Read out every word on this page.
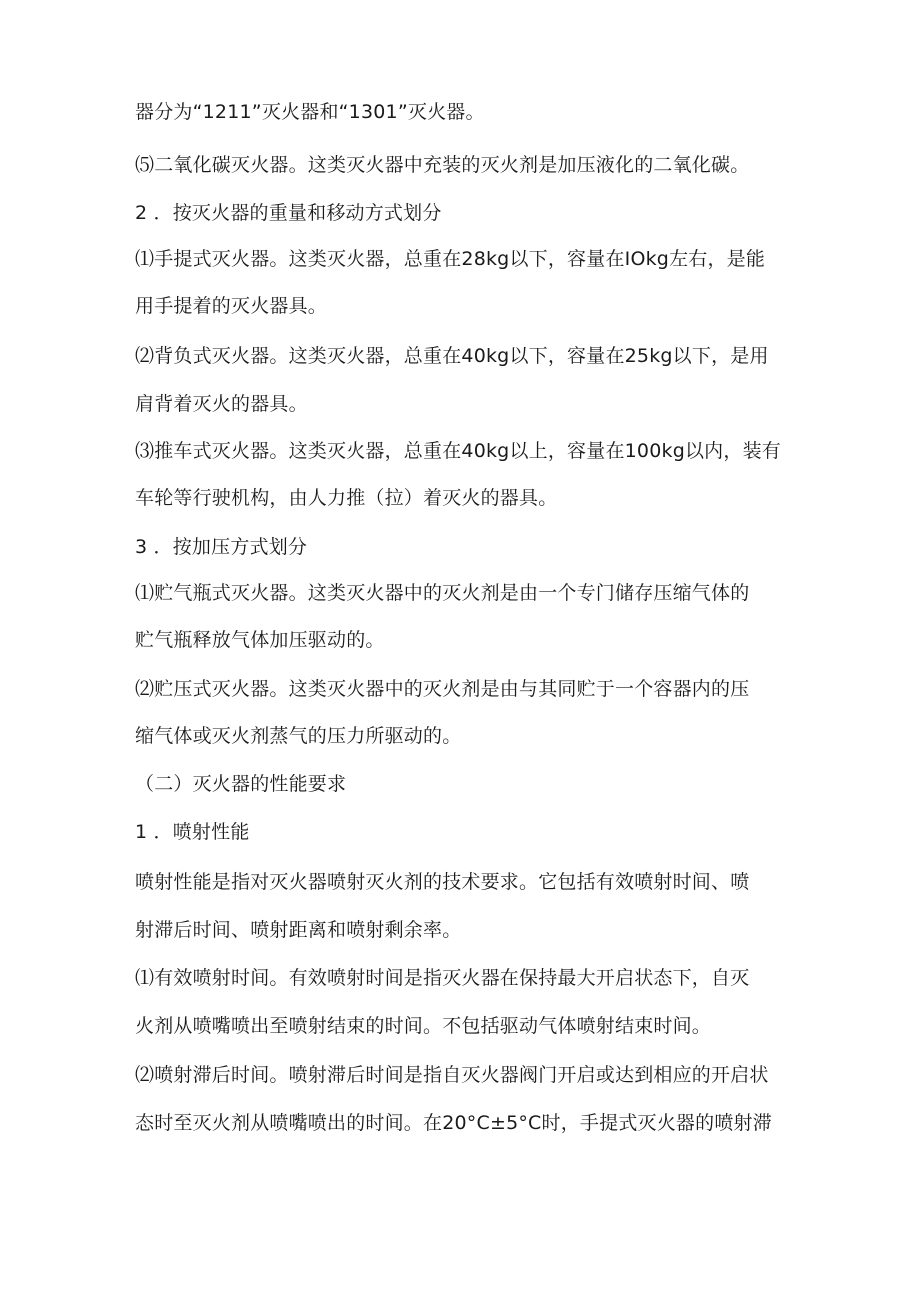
器分为“1211”灭火器和“1301”灭火器。
⑸二氧化碳灭火器。这类灭火器中充装的灭火剂是加压液化的二氧化碳。
2 ．按灭火器的重量和移动方式划分
⑴手提式灭火器。这类灭火器，总重在28kg以下，容量在IOkg左右，是能
用手提着的灭火器具。
⑵背负式灭火器。这类灭火器，总重在40kg以下，容量在25kg以下，是用
肩背着灭火的器具。
⑶推车式灭火器。这类灭火器，总重在40kg以上，容量在100kg以内，装有
车轮等行驶机构，由人力推（拉）着灭火的器具。
3 ．按加压方式划分
⑴贮气瓶式灭火器。这类灭火器中的灭火剂是由一个专门储存压缩气体的
贮气瓶释放气体加压驱动的。
⑵贮压式灭火器。这类灭火器中的灭火剂是由与其同贮于一个容器内的压
缩气体或灭火剂蒸气的压力所驱动的。
（二）灭火器的性能要求
1 ．喷射性能
喷射性能是指对灭火器喷射灭火剂的技术要求。它包括有效喷射时间、喷
射滞后时间、喷射距离和喷射剩余率。
⑴有效喷射时间。有效喷射时间是指灭火器在保持最大开启状态下，自灭
火剂从喷嘴喷出至喷射结束的时间。不包括驱动气体喷射结束时间。
⑵喷射滞后时间。喷射滞后时间是指自灭火器阀门开启或达到相应的开启状
态时至灭火剂从喷嘴喷出的时间。在20°C±5°C时，手提式灭火器的喷射滞
